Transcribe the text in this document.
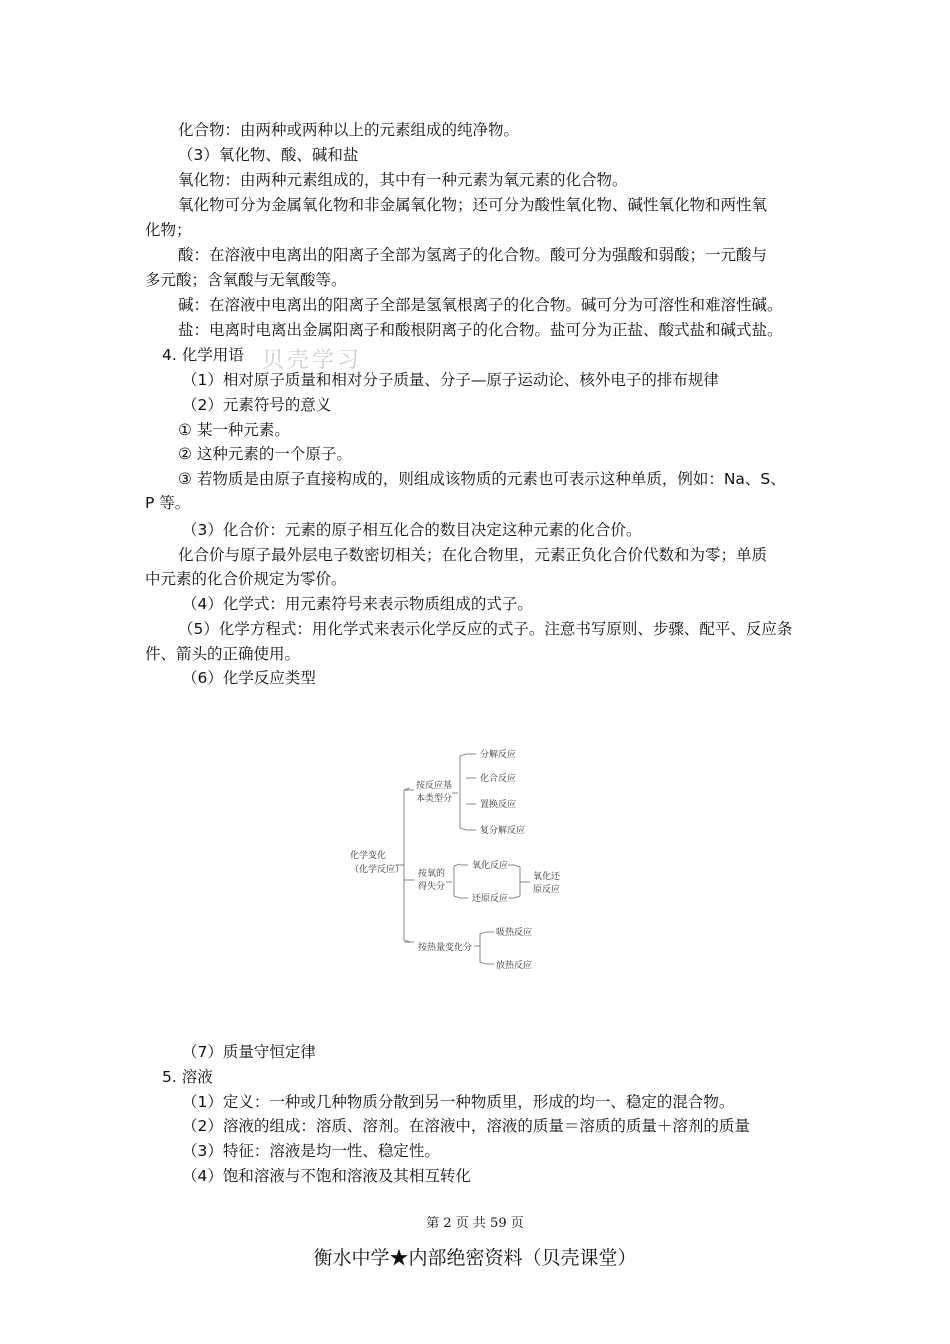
化合物：由两种或两种以上的元素组成的纯净物。
（3）氧化物、酸、碱和盐
氧化物：由两种元素组成的，其中有一种元素为氧元素的化合物。
氧化物可分为金属氧化物和非金属氧化物；还可分为酸性氧化物、碱性氧化物和两性氧
化物；
酸：在溶液中电离出的阳离子全部为氢离子的化合物。酸可分为强酸和弱酸；一元酸与
多元酸；含氧酸与无氧酸等。
碱：在溶液中电离出的阳离子全部是氢氧根离子的化合物。碱可分为可溶性和难溶性碱。
盐：电离时电离出金属阳离子和酸根阴离子的化合物。盐可分为正盐、酸式盐和碱式盐。
4. 化学用语 贝壳学习
（1）相对原子质量和相对分子质量、分子—原子运动论、核外电子的排布规律
（2）元素符号的意义
① 某一种元素。
② 这种元素的一个原子。
③ 若物质是由原子直接构成的，则组成该物质的元素也可表示这种单质，例如：Na、S、
P 等。
（3）化合价：元素的原子相互化合的数目决定这种元素的化合价。
化合价与原子最外层电子数密切相关；在化合物里，元素正负化合价代数和为零；单质
中元素的化合价规定为零价。
（4）化学式：用元素符号来表示物质组成的式子。
（5）化学方程式：用化学式来表示化学反应的式子。注意书写原则、步骤、配平、反应条
件、箭头的正确使用。
（6）化学反应类型
化学变化
（化学反应）
按反应基
本类型分
分解反应
化合反应
置换反应
复分解反应
按氧的
得失分
氧化反应
还原反应
氧化还
原反应
按热量变化分
吸热反应
放热反应
（7）质量守恒定律
5. 溶液
（1）定义：一种或几种物质分散到另一种物质里，形成的均一、稳定的混合物。
（2）溶液的组成：溶质、溶剂。在溶液中，溶液的质量＝溶质的质量＋溶剂的质量
（3）特征：溶液是均一性、稳定性。
（4）饱和溶液与不饱和溶液及其相互转化
第 2 页 共 59 页
衡水中学★内部绝密资料（贝壳课堂）
